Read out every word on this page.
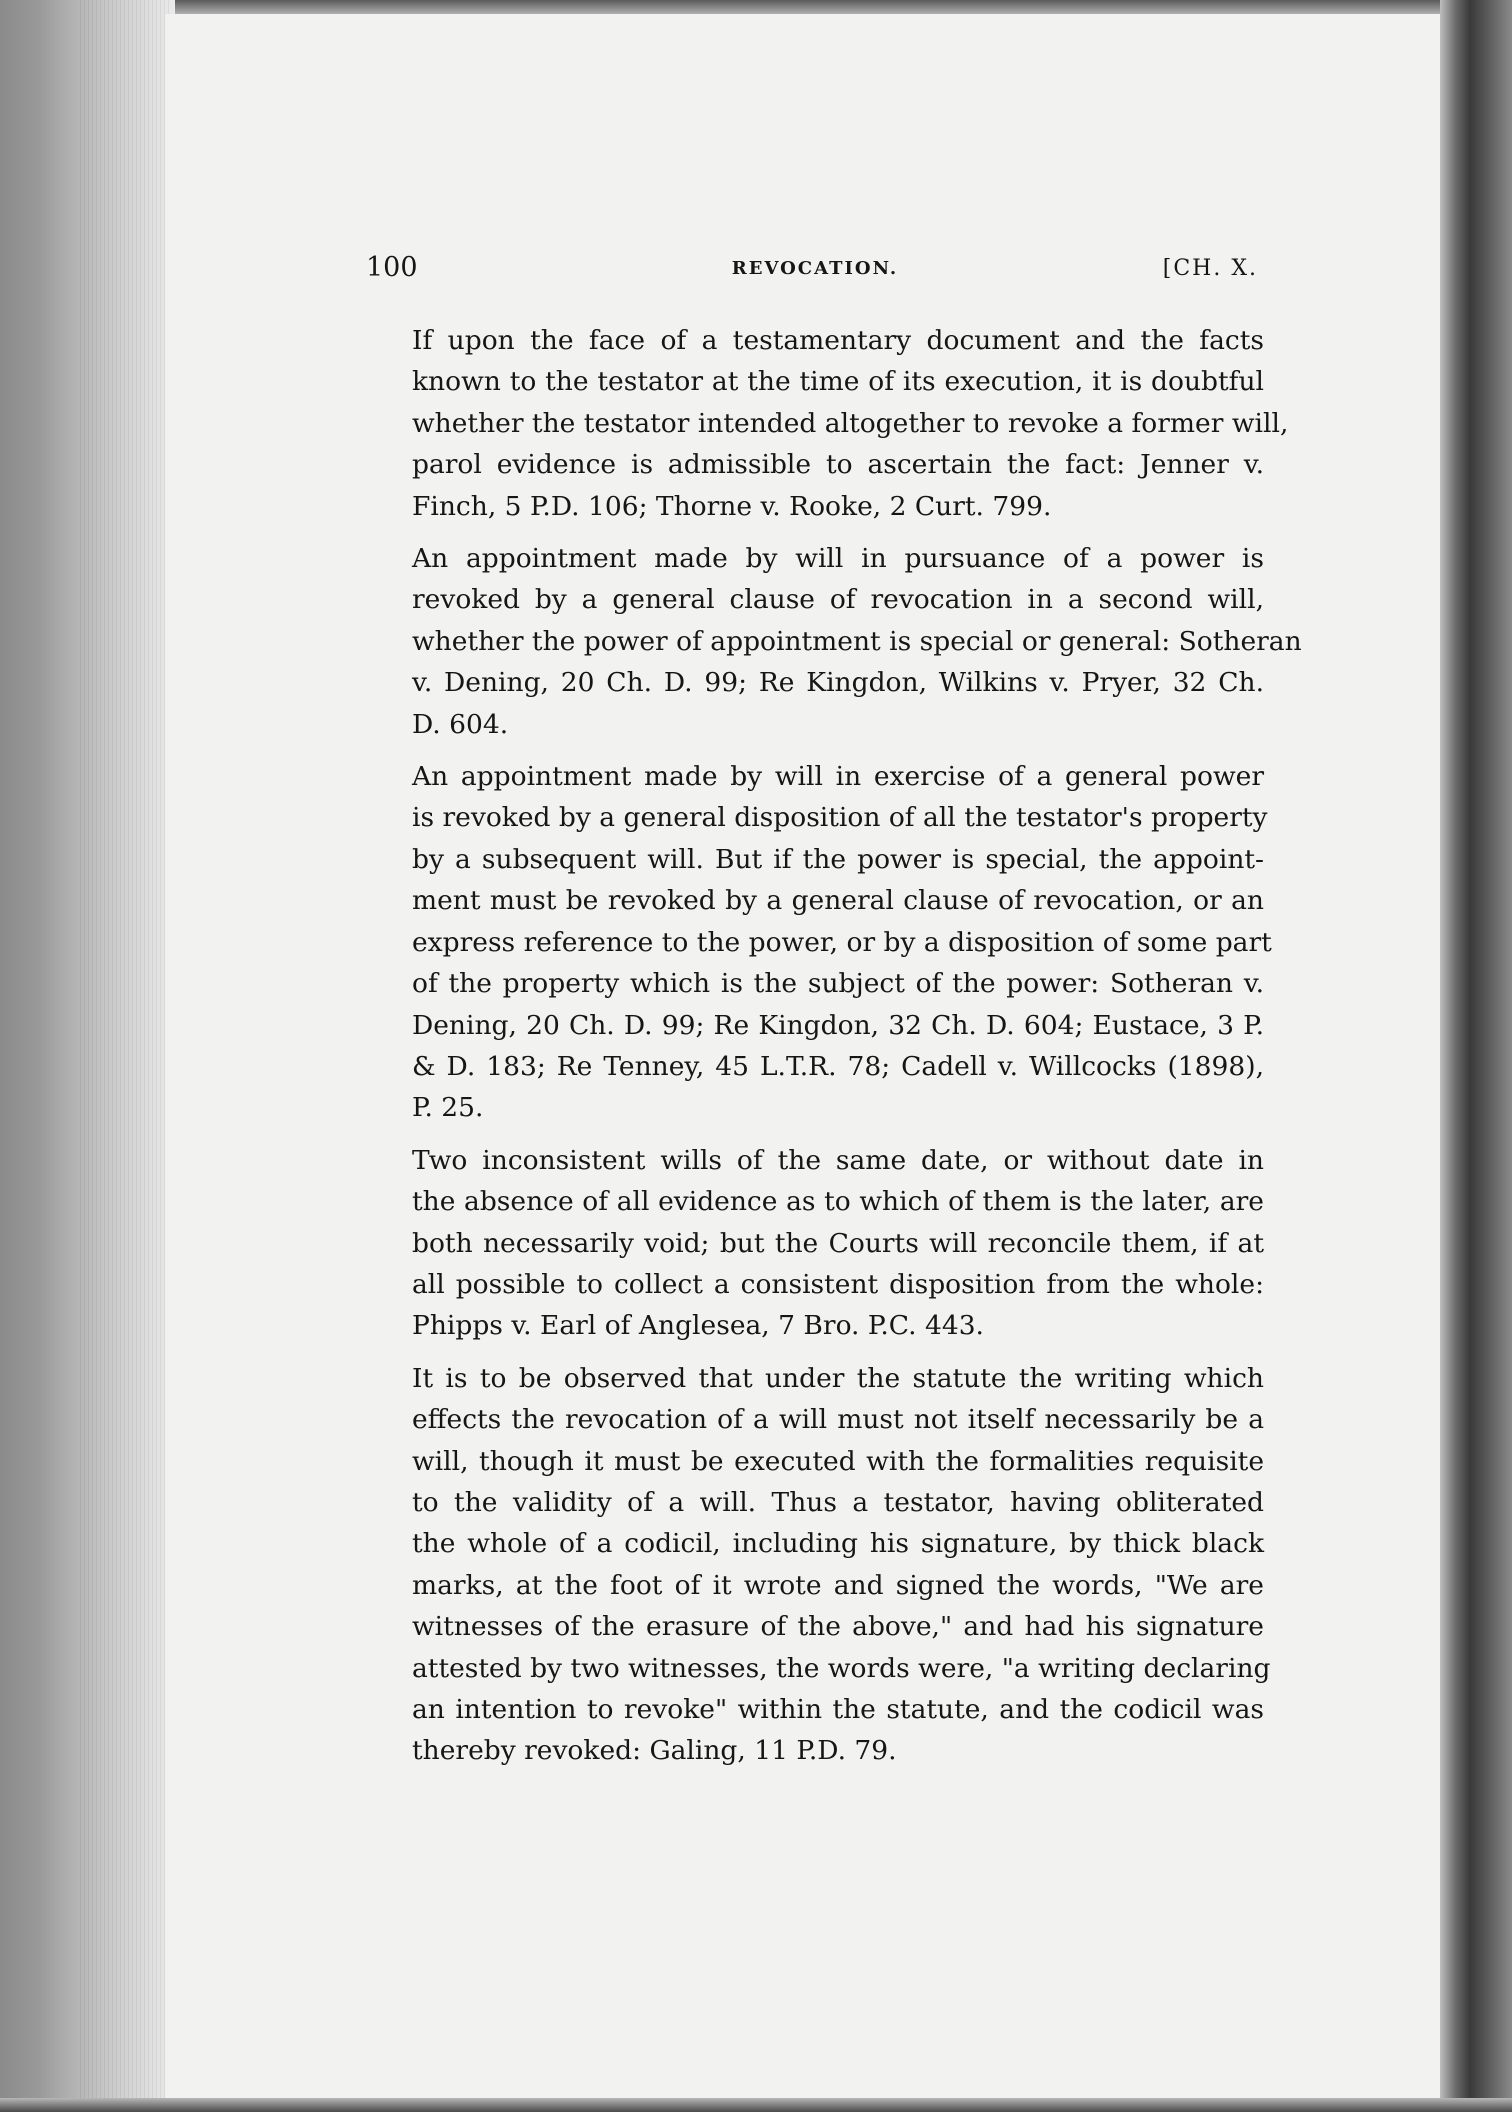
100	REVOCATION.	[CH. X.
If upon the face of a testamentary document and the facts
known to the testator at the time of its execution, it is doubtful
whether the testator intended altogether to revoke a former will,
parol evidence is admissible to ascertain the fact: Jenner v.
Finch, 5 P.D. 106; Thorne v. Rooke, 2 Curt. 799.
An appointment made by will in pursuance of a power is
revoked by a general clause of revocation in a second will,
whether the power of appointment is special or general: Sotheran
v. Dening, 20 Ch. D. 99; Re Kingdon, Wilkins v. Pryer, 32 Ch.
D. 604.
An appointment made by will in exercise of a general power
is revoked by a general disposition of all the testator's property
by a subsequent will. But if the power is special, the appoint-
ment must be revoked by a general clause of revocation, or an
express reference to the power, or by a disposition of some part
of the property which is the subject of the power: Sotheran v.
Dening, 20 Ch. D. 99; Re Kingdon, 32 Ch. D. 604; Eustace, 3 P.
& D. 183; Re Tenney, 45 L.T.R. 78; Cadell v. Willcocks (1898),
P. 25.
Two inconsistent wills of the same date, or without date in
the absence of all evidence as to which of them is the later, are
both necessarily void; but the Courts will reconcile them, if at
all possible to collect a consistent disposition from the whole:
Phipps v. Earl of Anglesea, 7 Bro. P.C. 443.
It is to be observed that under the statute the writing which
effects the revocation of a will must not itself necessarily be a
will, though it must be executed with the formalities requisite
to the validity of a will. Thus a testator, having obliterated
the whole of a codicil, including his signature, by thick black
marks, at the foot of it wrote and signed the words, "We are
witnesses of the erasure of the above," and had his signature
attested by two witnesses, the words were, "a writing declaring
an intention to revoke" within the statute, and the codicil was
thereby revoked: Galing, 11 P.D. 79.
